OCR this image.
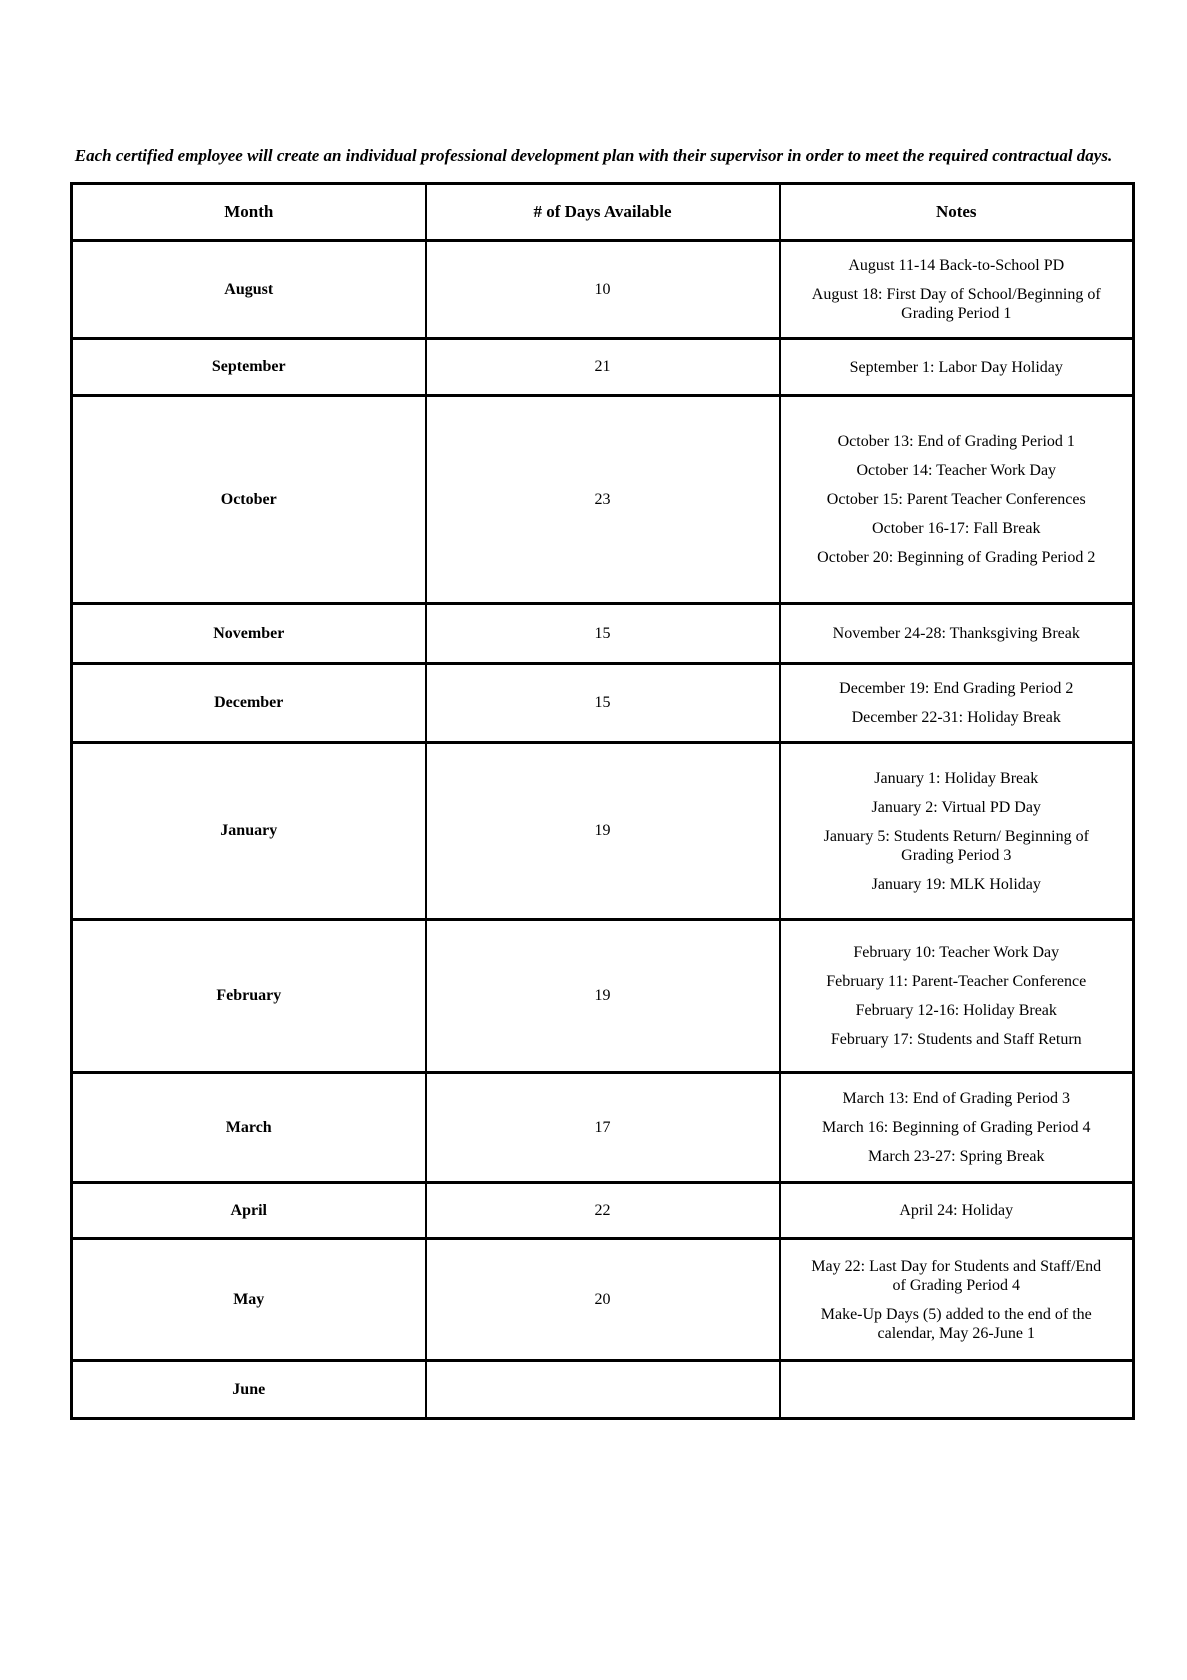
Each certified employee will create an individual professional development plan with their supervisor in order to meet the required contractual days.

Month	# of Days Available	Notes
August	10	August 11-14 Back-to-School PD

August 18: First Day of School/Beginning of Grading Period 1

September	21	September 1: Labor Day Holiday

October	23	October 13: End of Grading Period 1

October 14: Teacher Work Day

October 15: Parent Teacher Conferences

October 16-17: Fall Break

October 20: Beginning of Grading Period 2

November	15	November 24-28: Thanksgiving Break

December	15	December 19: End Grading Period 2

December 22-31: Holiday Break

January	19	January 1: Holiday Break

January 2: Virtual PD Day

January 5: Students Return/ Beginning of Grading Period 3

January 19: MLK Holiday

February	19	February 10: Teacher Work Day

February 11: Parent-Teacher Conference

February 12-16: Holiday Break

February 17: Students and Staff Return

March	17	March 13: End of Grading Period 3

March 16: Beginning of Grading Period 4

March 23-27: Spring Break

April	22	April 24: Holiday

May	20	May 22: Last Day for Students and Staff/End of Grading Period 4

Make-Up Days (5) added to the end of the calendar, May 26-June 1

June		
